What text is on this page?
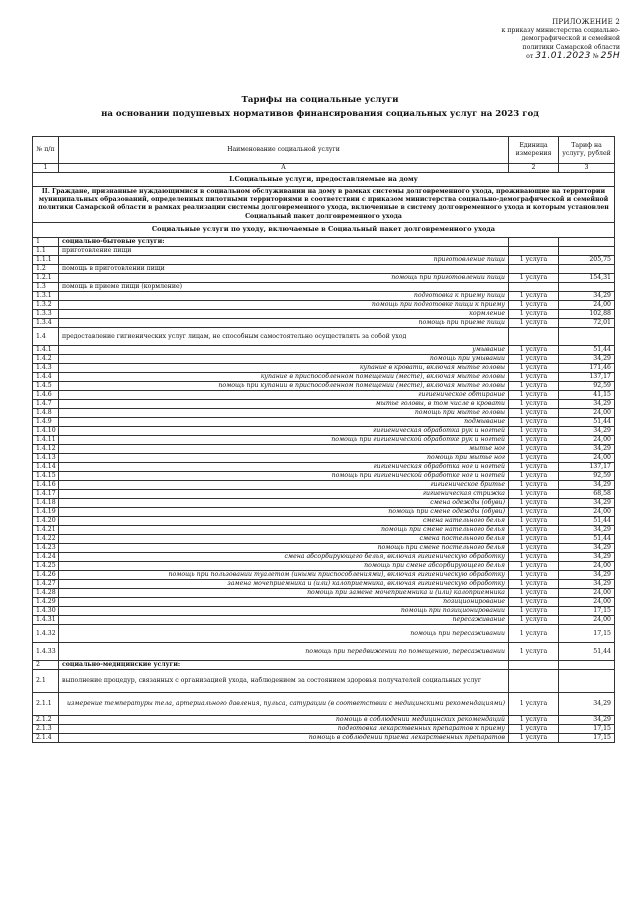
ПРИЛОЖЕНИЕ 2
к приказу министерства социально-
демографической и семейной
политики Самарской области
от 31.01.2023 № 25Н
Тарифы на социальные услуги
на основании подушевых нормативов финансирования социальных услуг на 2023 год
№ п/п	Наименование социальной услуги	Единица измерения	Тариф на услугу, рублей
1	А	2	3
I.Социальные услуги, предоставляемые на дому			
II. Граждане, признанные нуждающимися в социальном обслуживании на дому в рамках системы долговременного ухода, проживающие на территории муниципальных образований, определенных пилотными территориями в соответствии с приказом министерства социально-демографической и семейной политики Самарской области в рамках реализации системы долговременного ухода, включенные в систему долговременного ухода и которым установлен Социальный пакет долговременного ухода			
Социальные услуги по уходу, включаемые в Социальный пакет долговременного ухода			
1	социально-бытовые услуги:		
1.1	приготовление пищи		
1.1.1	приготовление пищи	1 услуга	205,75
1.2	помощь в приготовлении пищи		
1.2.1	помощь при приготовлении пищи	1 услуга	154,31
1.3	помощь в приеме пищи (кормление)		
1.3.1	подготовка к приему пищи	1 услуга	34,29
1.3.2	помощь при подготовке пищи к приему	1 услуга	24,00
1.3.3	кормление	1 услуга	102,88
1.3.4	помощь при приеме пищи	1 услуга	72,01
1.4	предоставление гигиенических услуг лицам, не способным самостоятельно осуществлять за собой уход		
1.4.1	умывание	1 услуга	51,44
1.4.2	помощь при умывании	1 услуга	34,29
1.4.3	купание в кровати, включая мытье головы	1 услуга	171,46
1.4.4	купание в приспособленном помещении (месте), включая мытье головы	1 услуга	137,17
1.4.5	помощь при купании в приспособленном помещении (месте), включая мытье головы	1 услуга	92,59
1.4.6	гигиеническое обтирание	1 услуга	41,15
1.4.7	мытье головы, в том числе в кровати	1 услуга	34,29
1.4.8	помощь при мытье головы	1 услуга	24,00
1.4.9	подмывание	1 услуга	51,44
1.4.10	гигиеническая обработка рук и ногтей	1 услуга	34,29
1.4.11	помощь при гигиенической обработке рук и ногтей	1 услуга	24,00
1.4.12	мытье ног	1 услуга	34,29
1.4.13	помощь при мытье ног	1 услуга	24,00
1.4.14	гигиеническая обработка ног и ногтей	1 услуга	137,17
1.4.15	помощь при гигиенической обработке ног и ногтей	1 услуга	92,59
1.4.16	гигиеническое бритье	1 услуга	34,29
1.4.17	гигиеническая стрижка	1 услуга	68,58
1.4.18	смена одежды (обуви)	1 услуга	34,29
1.4.19	помощь при смене одежды (обуви)	1 услуга	24,00
1.4.20	смена нательного белья	1 услуга	51,44
1.4.21	помощь при смене нательного белья	1 услуга	34,29
1.4.22	смена постельного белья	1 услуга	51,44
1.4.23	помощь при смене постельного белья	1 услуга	34,29
1.4.24	смена абсорбирующего белья, включая гигиеническую обработку	1 услуга	34,29
1.4.25	помощь при смене абсорбирующего белья	1 услуга	24,00
1.4.26	помощь при пользовании туалетом (иными приспособлениями), включая гигиеническую обработку	1 услуга	34,29
1.4.27	замена мочеприемника и (или) калоприемника, включая гигиеническую обработку	1 услуга	34,29
1.4.28	помощь при замене мочеприемника и (или) калоприемника	1 услуга	24,00
1.4.29	позиционирование	1 услуга	24,00
1.4.30	помощь при позиционировании	1 услуга	17,15
1.4.31	пересаживание	1 услуга	24,00
1.4.32	помощь при пересаживании	1 услуга	17,15
1.4.33	помощь при передвижении по помещению, пересаживании	1 услуга	51,44
2	социально-медицинские услуги:		
2.1	выполнение процедур, связанных с организацией ухода, наблюдением за состоянием здоровья получателей социальных услуг		
2.1.1	измерение температуры тела, артериального давления, пульса, сатурации (в соответствии с медицинскими рекомендациями)	1 услуга	34,29
2.1.2	помощь в соблюдении медицинских рекомендаций	1 услуга	34,29
2.1.3	подготовка лекарственных препаратов к приему	1 услуга	17,15
2.1.4	помощь в соблюдении приема лекарственных препаратов	1 услуга	17,15
